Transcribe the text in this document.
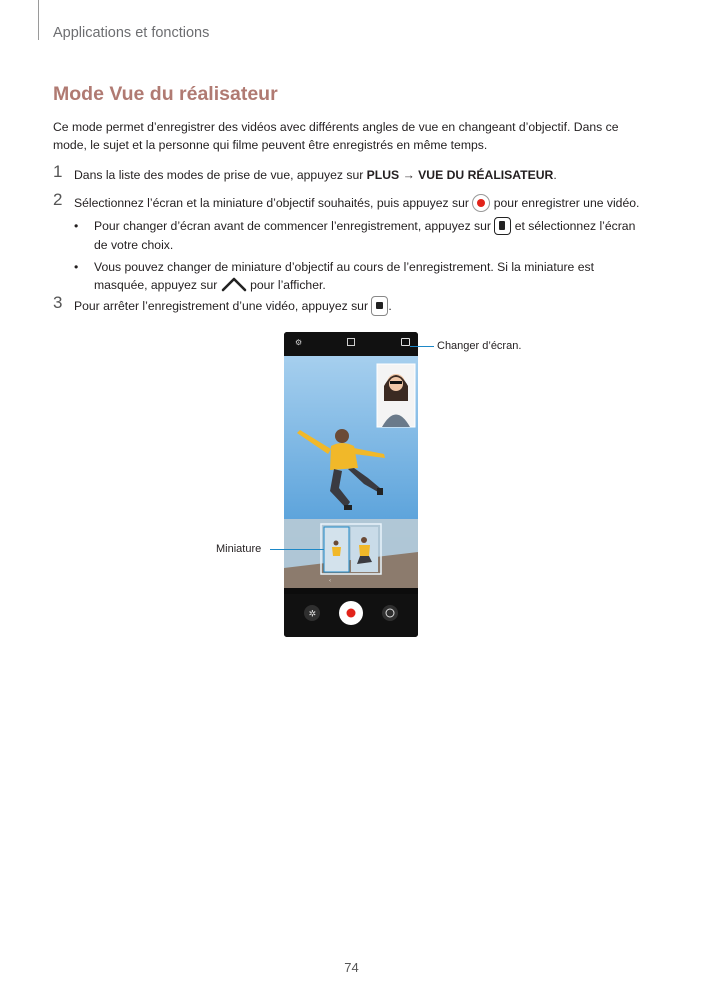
Applications et fonctions
Mode Vue du réalisateur
Ce mode permet d’enregistrer des vidéos avec différents angles de vue en changeant d’objectif. Dans ce mode, le sujet et la personne qui filme peuvent être enregistrés en même temps.
1 Dans la liste des modes de prise de vue, appuyez sur PLUS → VUE DU RÉALISATEUR.
2 Sélectionnez l’écran et la miniature d’objectif souhaités, puis appuyez sur  pour enregistrer une vidéo.
• Pour changer d’écran avant de commencer l’enregistrement, appuyez sur  et sélectionnez l’écran de votre choix.
• Vous pouvez changer de miniature d’objectif au cours de l’enregistrement. Si la miniature est masquée, appuyez sur  pour l’afficher.
3 Pour arrêter l’enregistrement d’une vidéo, appuyez sur .
⚙
‹
✲
Changer d’écran.
Miniature
74
